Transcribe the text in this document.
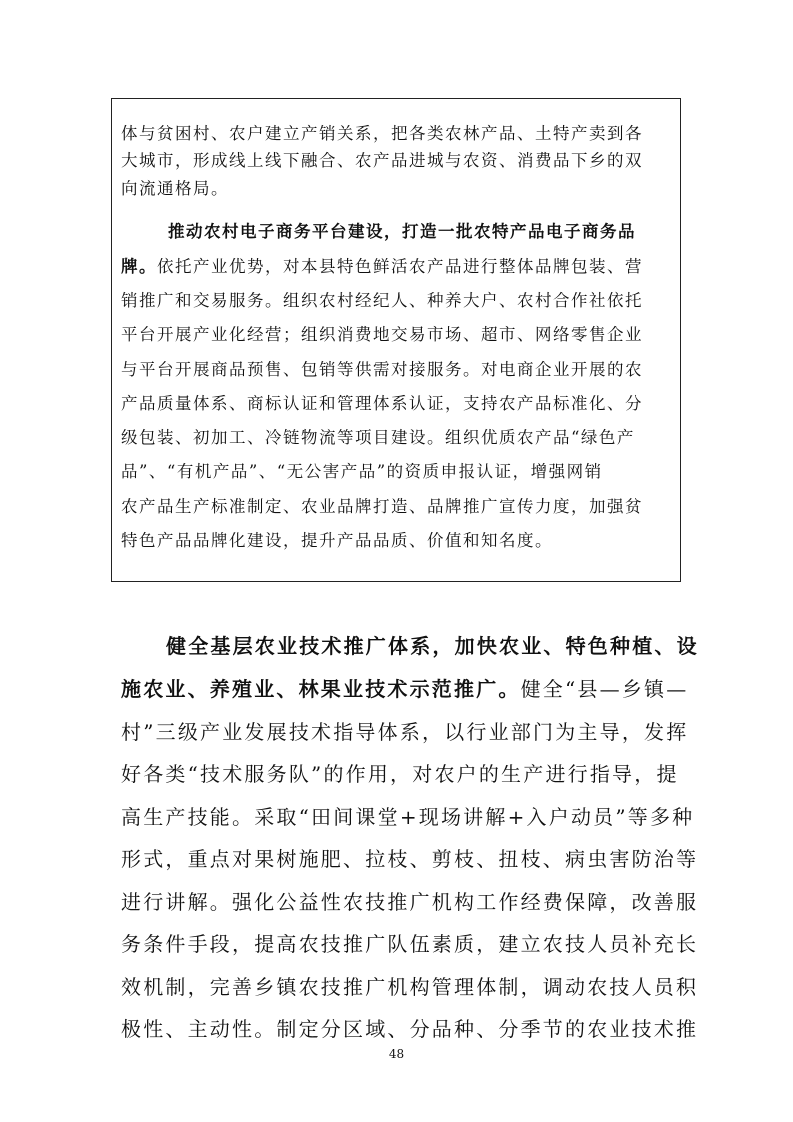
体与贫困村、农户建立产销关系，把各类农林产品、土特产卖到各
大城市，形成线上线下融合、农产品进城与农资、消费品下乡的双
向流通格局。
推动农村电子商务平台建设，打造一批农特产品电子商务品
牌。依托产业优势，对本县特色鲜活农产品进行整体品牌包装、营
销推广和交易服务。组织农村经纪人、种养大户、农村合作社依托
平台开展产业化经营；组织消费地交易市场、超市、网络零售企业
与平台开展商品预售、包销等供需对接服务。对电商企业开展的农
产品质量体系、商标认证和管理体系认证，支持农产品标准化、分
级包装、初加工、冷链物流等项目建设。组织优质农产品“绿色产
品”、“有机产品”、“无公害产品”的资质申报认证，增强网销
农产品生产标准制定、农业品牌打造、品牌推广宣传力度，加强贫
特色产品品牌化建设，提升产品品质、价值和知名度。
健全基层农业技术推广体系，加快农业、特色种植、设
施农业、养殖业、林果业技术示范推广。健全“县—乡镇—
村”三级产业发展技术指导体系，以行业部门为主导，发挥
好各类“技术服务队”的作用，对农户的生产进行指导，提
高生产技能。采取“田间课堂+现场讲解+入户动员”等多种
形式，重点对果树施肥、拉枝、剪枝、扭枝、病虫害防治等
进行讲解。强化公益性农技推广机构工作经费保障，改善服
务条件手段，提高农技推广队伍素质，建立农技人员补充长
效机制，完善乡镇农技推广机构管理体制，调动农技人员积
极性、主动性。制定分区域、分品种、分季节的农业技术推
48
